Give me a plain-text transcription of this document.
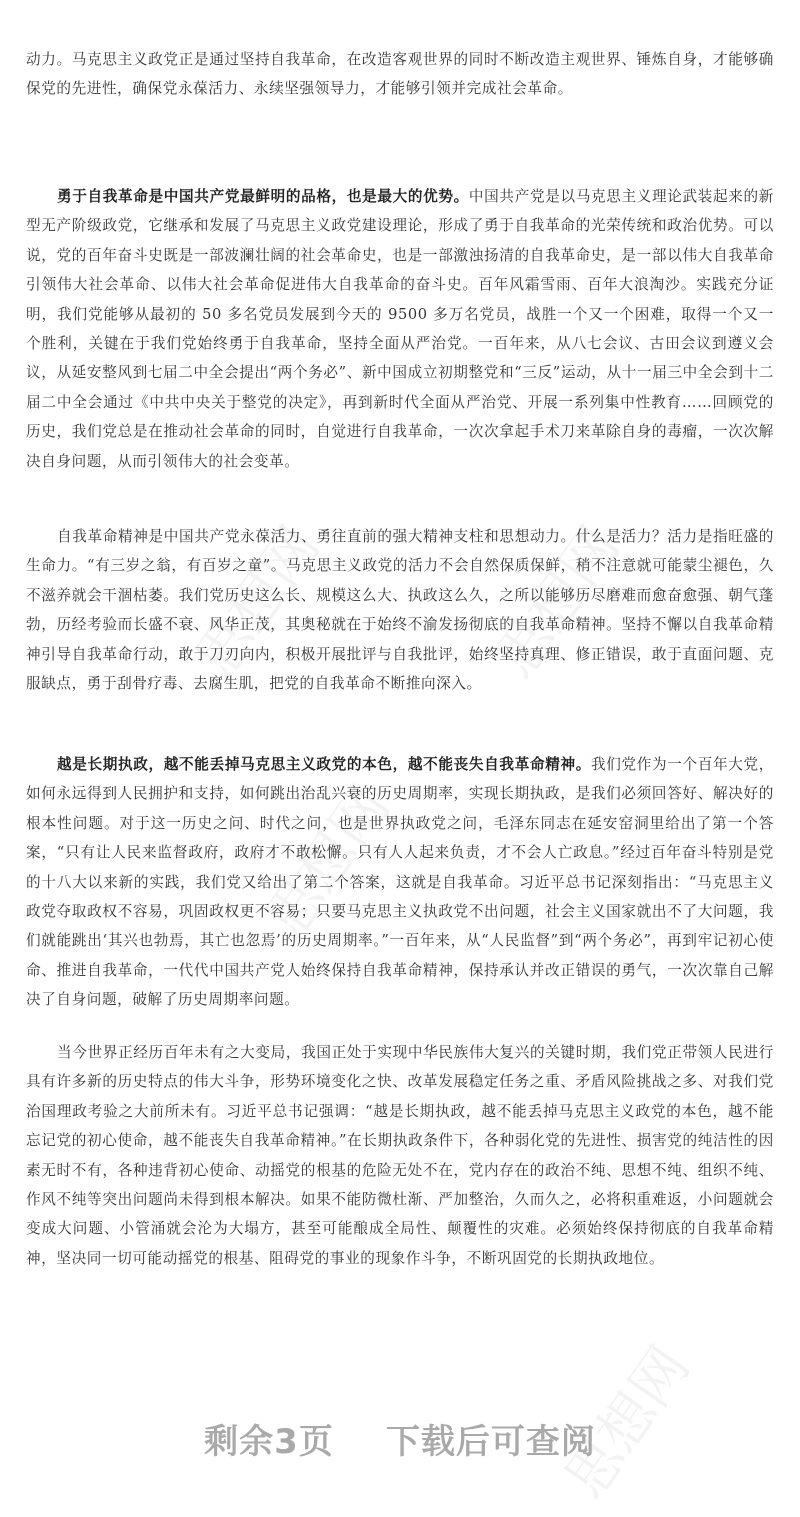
思想网	思想网
思想网
思想网

动力。马克思主义政党正是通过坚持自我革命，在改造客观世界的同时不断改造主观世界、锤炼自身，才能够确保党的先进性，确保党永葆活力、永续坚强领导力，才能够引领并完成社会革命。

勇于自我革命是中国共产党最鲜明的品格，也是最大的优势。中国共产党是以马克思主义理论武装起来的新型无产阶级政党，它继承和发展了马克思主义政党建设理论，形成了勇于自我革命的光荣传统和政治优势。可以说，党的百年奋斗史既是一部波澜壮阔的社会革命史，也是一部激浊扬清的自我革命史，是一部以伟大自我革命引领伟大社会革命、以伟大社会革命促进伟大自我革命的奋斗史。百年风霜雪雨、百年大浪淘沙。实践充分证明，我们党能够从最初的 50 多名党员发展到今天的 9500 多万名党员，战胜一个又一个困难，取得一个又一个胜利，关键在于我们党始终勇于自我革命，坚持全面从严治党。一百年来，从八七会议、古田会议到遵义会议，从延安整风到七届二中全会提出“两个务必”、新中国成立初期整党和“三反”运动，从十一届三中全会到十二届二中全会通过《中共中央关于整党的决定》，再到新时代全面从严治党、开展一系列集中性教育……回顾党的历史，我们党总是在推动社会革命的同时，自觉进行自我革命，一次次拿起手术刀来革除自身的毒瘤，一次次解决自身问题，从而引领伟大的社会变革。

自我革命精神是中国共产党永葆活力、勇往直前的强大精神支柱和思想动力。什么是活力？活力是指旺盛的生命力。“有三岁之翁，有百岁之童”。马克思主义政党的活力不会自然保质保鲜，稍不注意就可能蒙尘褪色，久不滋养就会干涸枯萎。我们党历史这么长、规模这么大、执政这么久，之所以能够历尽磨难而愈奋愈强、朝气蓬勃，历经考验而长盛不衰、风华正茂，其奥秘就在于始终不渝发扬彻底的自我革命精神。坚持不懈以自我革命精神引导自我革命行动，敢于刀刃向内，积极开展批评与自我批评，始终坚持真理、修正错误，敢于直面问题、克服缺点，勇于刮骨疗毒、去腐生肌，把党的自我革命不断推向深入。

越是长期执政，越不能丢掉马克思主义政党的本色，越不能丧失自我革命精神。我们党作为一个百年大党，如何永远得到人民拥护和支持，如何跳出治乱兴衰的历史周期率，实现长期执政，是我们必须回答好、解决好的根本性问题。对于这一历史之问、时代之问，也是世界执政党之问，毛泽东同志在延安窑洞里给出了第一个答案，“只有让人民来监督政府，政府才不敢松懈。只有人人起来负责，才不会人亡政息。”经过百年奋斗特别是党的十八大以来新的实践，我们党又给出了第二个答案，这就是自我革命。习近平总书记深刻指出：“马克思主义政党夺取政权不容易，巩固政权更不容易；只要马克思主义执政党不出问题，社会主义国家就出不了大问题，我们就能跳出‘其兴也勃焉，其亡也忽焉’的历史周期率。”一百年来，从“人民监督”到“两个务必”，再到牢记初心使命、推进自我革命，一代代中国共产党人始终保持自我革命精神，保持承认并改正错误的勇气，一次次靠自己解决了自身问题，破解了历史周期率问题。

当今世界正经历百年未有之大变局，我国正处于实现中华民族伟大复兴的关键时期，我们党正带领人民进行具有许多新的历史特点的伟大斗争，形势环境变化之快、改革发展稳定任务之重、矛盾风险挑战之多、对我们党治国理政考验之大前所未有。习近平总书记强调：“越是长期执政，越不能丢掉马克思主义政党的本色，越不能忘记党的初心使命，越不能丧失自我革命精神。”在长期执政条件下，各种弱化党的先进性、损害党的纯洁性的因素无时不有，各种违背初心使命、动摇党的根基的危险无处不在，党内存在的政治不纯、思想不纯、组织不纯、作风不纯等突出问题尚未得到根本解决。如果不能防微杜渐、严加整治，久而久之，必将积重难返，小问题就会变成大问题、小管涌就会沦为大塌方，甚至可能酿成全局性、颠覆性的灾难。必须始终保持彻底的自我革命精神，坚决同一切可能动摇党的根基、阻碍党的事业的现象作斗争，不断巩固党的长期执政地位。

剩余3页 下载后可查阅
